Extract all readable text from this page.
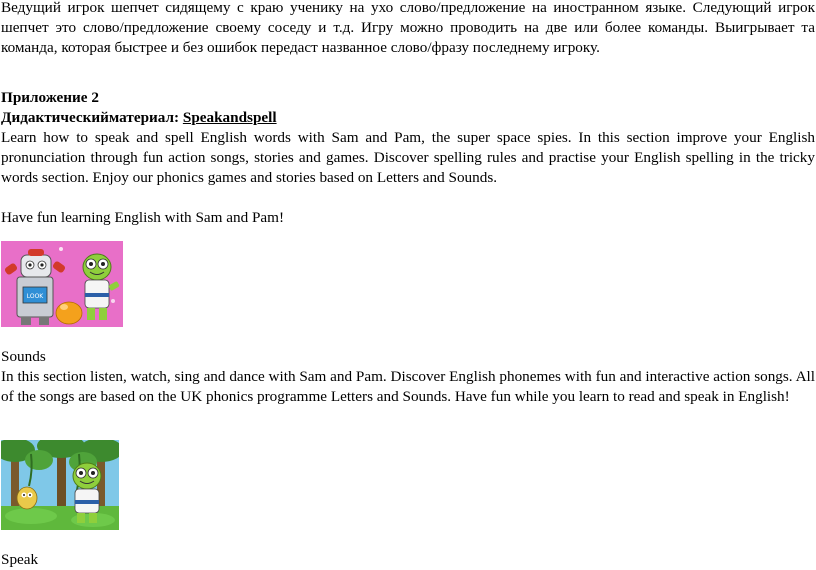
Ведущий игрок шепчет сидящему с краю ученику на ухо слово/предложение на иностранном языке. Следующий игрок шепчет это слово/предложение своему соседу и т.д. Игру можно проводить на две или более команды. Выигрывает та команда, которая быстрее и без ошибок передаст названное слово/фразу последнему игроку.

Приложение 2

Дидактическийматериал: Speakandspell

Learn how to speak and spell English words with Sam and Pam, the super space spies. In this section improve your English pronunciation through fun action songs, stories and games. Discover spelling rules and practise your English spelling in the tricky words section. Enjoy our phonics games and stories based on Letters and Sounds.

Have fun learning English with Sam and Pam!

LOOK

Sounds

In this section listen, watch, sing and dance with Sam and Pam. Discover English phonemes with fun and interactive action songs. All of the songs are based on the UK phonics programme Letters and Sounds. Have fun while you learn to read and speak in English!

Speak
